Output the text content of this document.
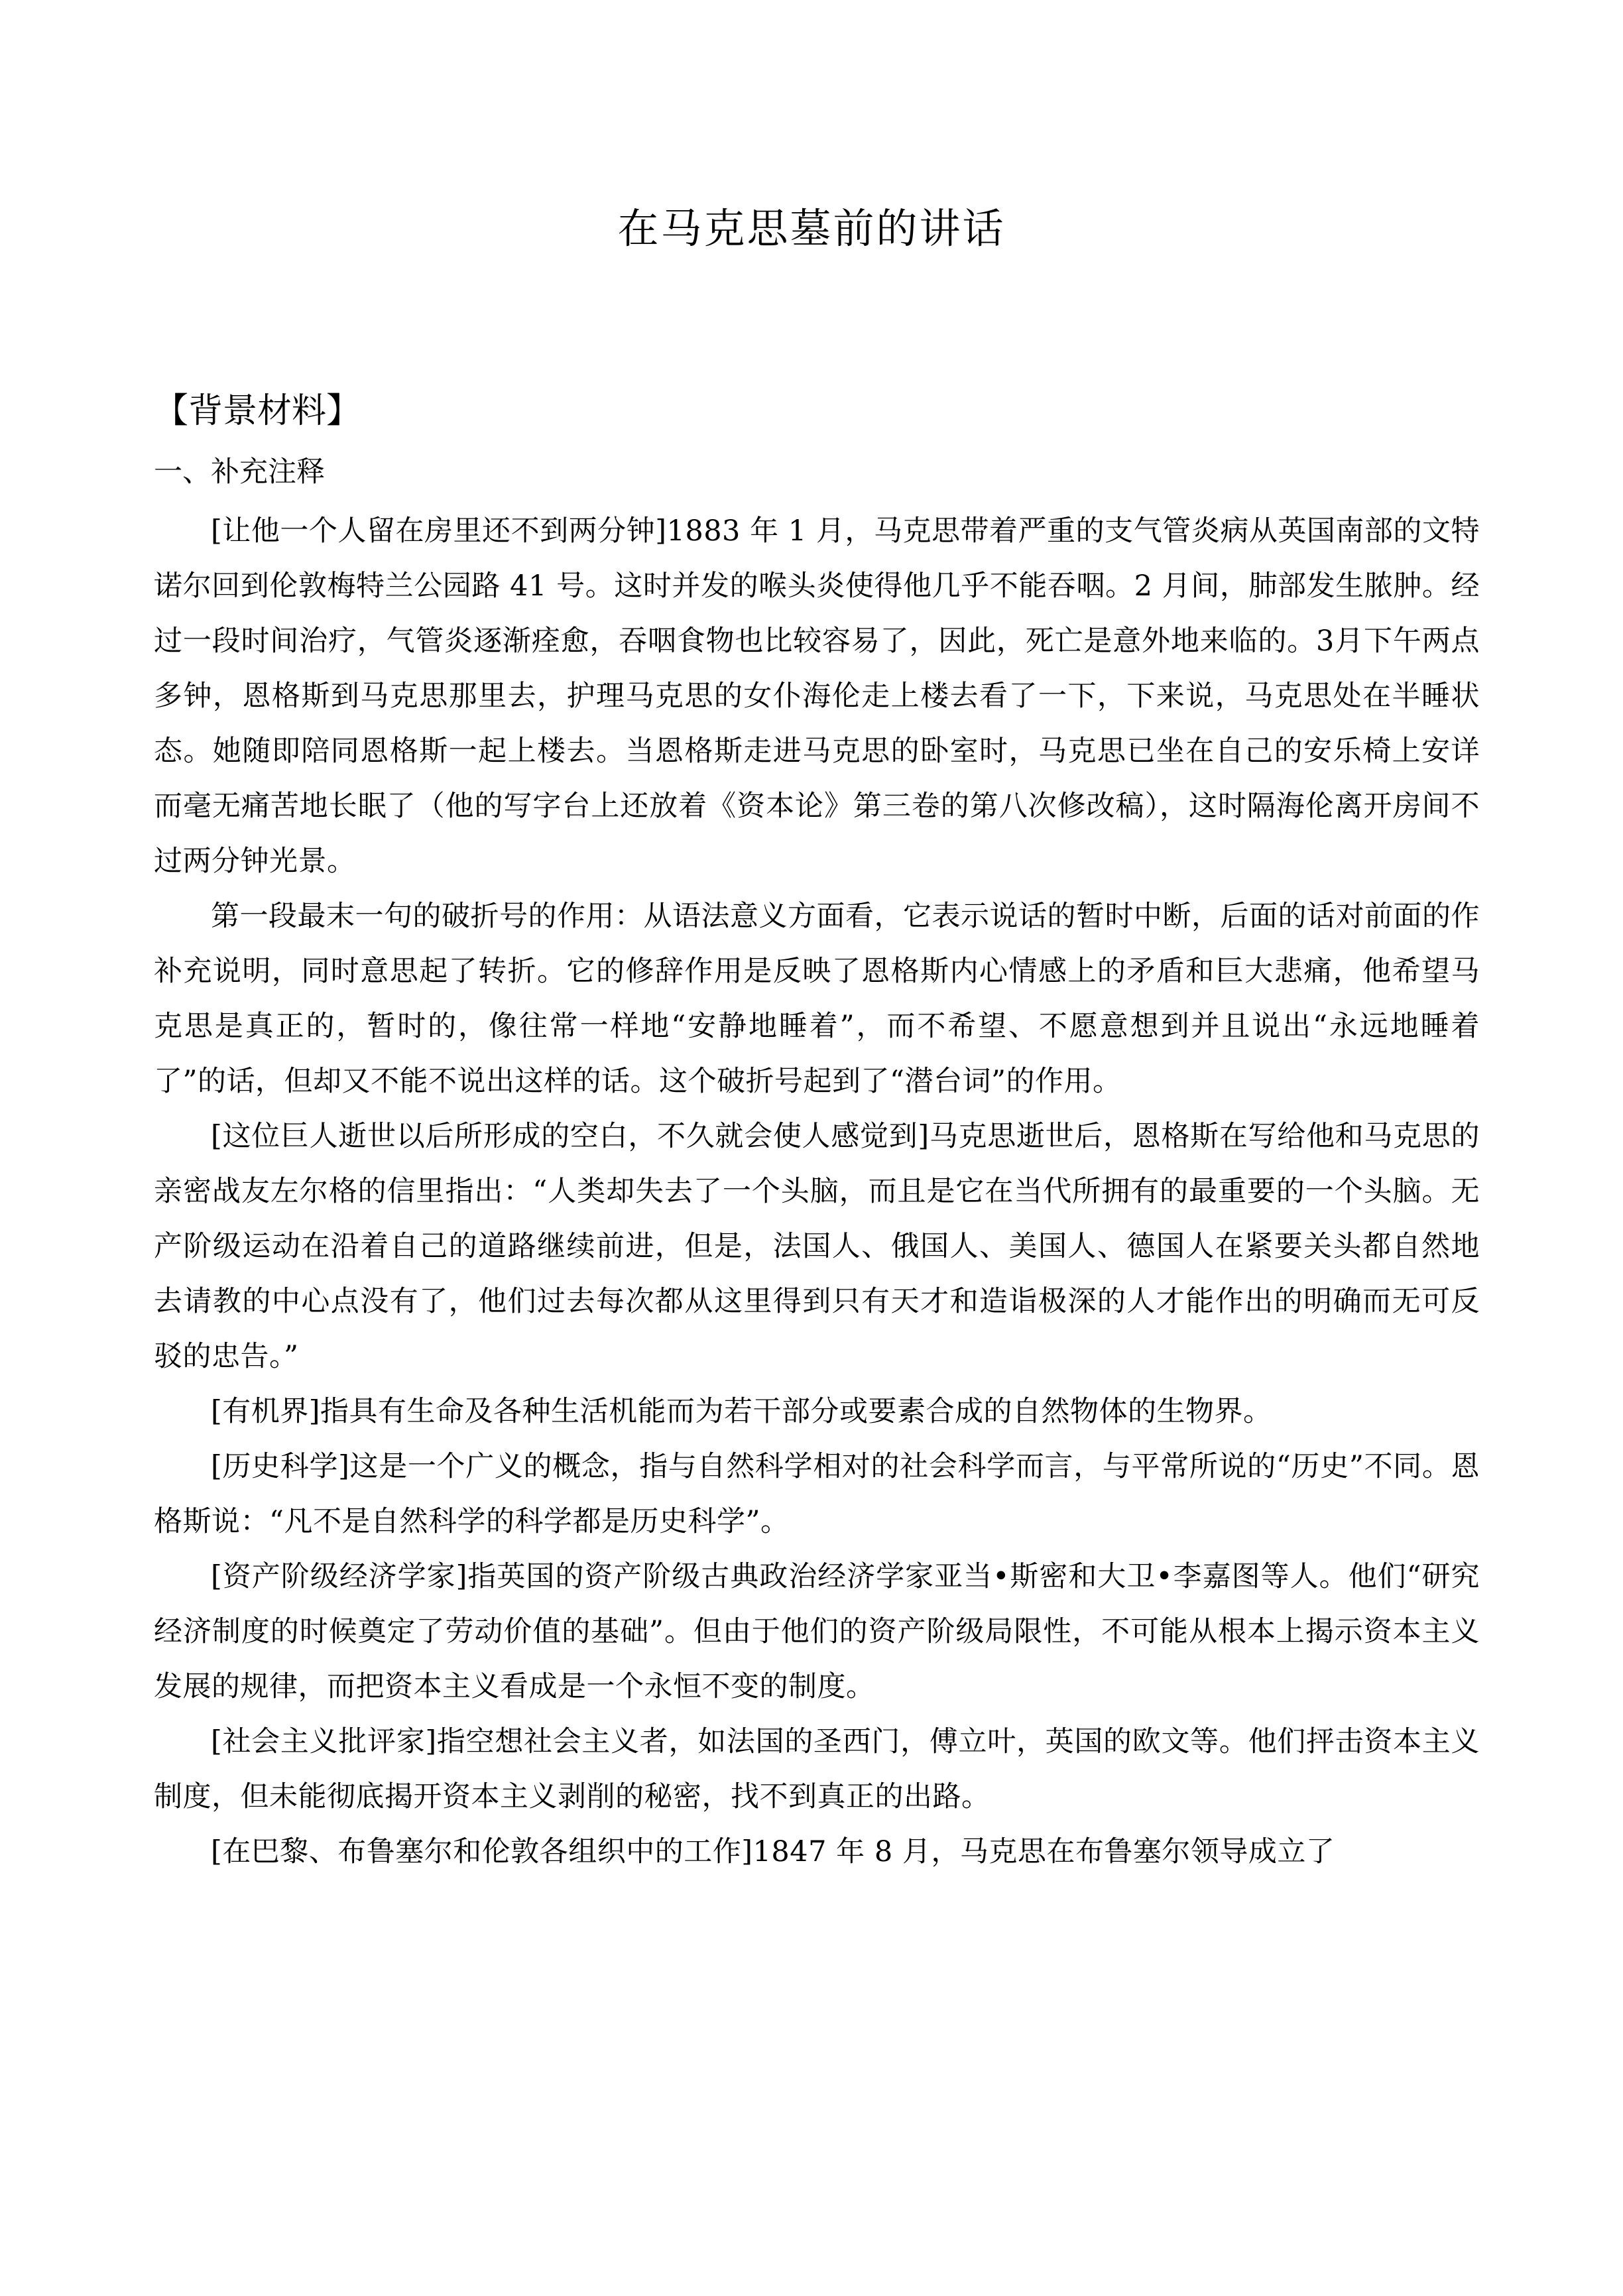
在马克思墓前的讲话
【背景材料】

一、补充注释

[让他一个人留在房里还不到两分钟]1883 年 1 月，马克思带着严重的支气管炎病从英国南部的文特诺尔回到伦敦梅特兰公园路 41 号。这时并发的喉头炎使得他几乎不能吞咽。2 月间，肺部发生脓肿。经过一段时间治疗，气管炎逐渐痊愈，吞咽食物也比较容易了，因此，死亡是意外地来临的。3月下午两点多钟，恩格斯到马克思那里去，护理马克思的女仆海伦走上楼去看了一下，下来说，马克思处在半睡状态。她随即陪同恩格斯一起上楼去。当恩格斯走进马克思的卧室时，马克思已坐在自己的安乐椅上安详而毫无痛苦地长眠了（他的写字台上还放着《资本论》第三卷的第八次修改稿），这时隔海伦离开房间不过两分钟光景。

第一段最末一句的破折号的作用：从语法意义方面看，它表示说话的暂时中断，后面的话对前面的作补充说明，同时意思起了转折。它的修辞作用是反映了恩格斯内心情感上的矛盾和巨大悲痛，他希望马克思是真正的，暂时的，像往常一样地“安静地睡着”，而不希望、不愿意想到并且说出“永远地睡着了”的话，但却又不能不说出这样的话。这个破折号起到了“潜台词”的作用。

[这位巨人逝世以后所形成的空白，不久就会使人感觉到]马克思逝世后，恩格斯在写给他和马克思的亲密战友左尔格的信里指出：“人类却失去了一个头脑，而且是它在当代所拥有的最重要的一个头脑。无产阶级运动在沿着自己的道路继续前进，但是，法国人、俄国人、美国人、德国人在紧要关头都自然地去请教的中心点没有了，他们过去每次都从这里得到只有天才和造诣极深的人才能作出的明确而无可反驳的忠告。”

[有机界]指具有生命及各种生活机能而为若干部分或要素合成的自然物体的生物界。

[历史科学]这是一个广义的概念，指与自然科学相对的社会科学而言，与平常所说的“历史”不同。恩格斯说：“凡不是自然科学的科学都是历史科学”。

[资产阶级经济学家]指英国的资产阶级古典政治经济学家亚当•斯密和大卫•李嘉图等人。他们“研究经济制度的时候奠定了劳动价值的基础”。但由于他们的资产阶级局限性，不可能从根本上揭示资本主义发展的规律，而把资本主义看成是一个永恒不变的制度。

[社会主义批评家]指空想社会主义者，如法国的圣西门，傅立叶，英国的欧文等。他们抨击资本主义制度，但未能彻底揭开资本主义剥削的秘密，找不到真正的出路。

[在巴黎、布鲁塞尔和伦敦各组织中的工作]1847 年 8 月，马克思在布鲁塞尔领导成立了
